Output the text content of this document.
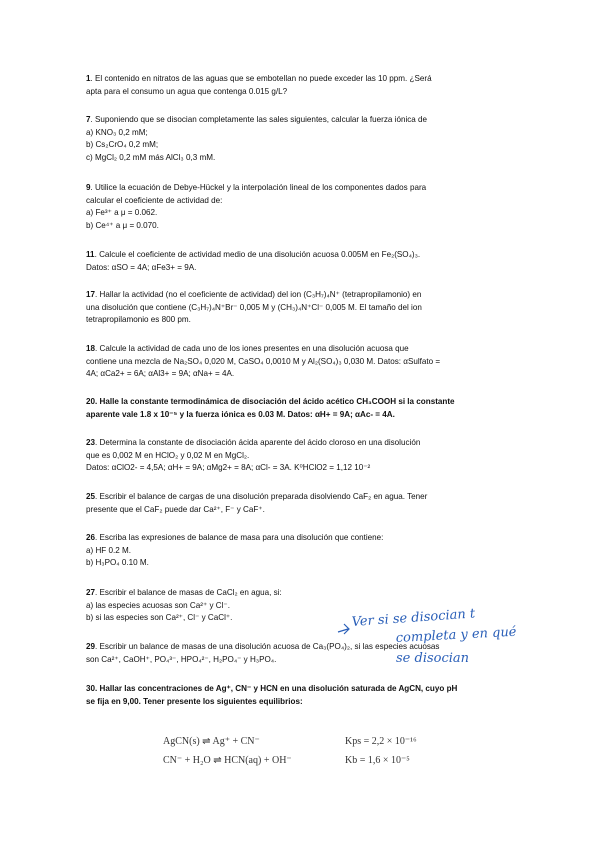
1. El contenido en nitratos de las aguas que se embotellan no puede exceder las 10 ppm. ¿Será
apta para el consumo un agua que contenga 0.015 g/L?
7. Suponiendo que se disocian completamente las sales siguientes, calcular la fuerza iónica de
a) KNO₃ 0,2 mM;
b) Cs₂CrO₄ 0,2 mM;
c) MgCl₂ 0,2 mM más AlCl₃ 0,3 mM.
9. Utilice la ecuación de Debye-Hückel y la interpolación lineal de los componentes dados para
calcular el coeficiente de actividad de:
a) Fe³⁺ a μ = 0.062.
b) Ce⁴⁺ a μ = 0.070.
11. Calcule el coeficiente de actividad medio de una disolución acuosa 0.005M en Fe₂(SO₄)₃.
Datos: αSO = 4A; αFe3+ = 9A.
17. Hallar la actividad (no el coeficiente de actividad) del ion (C₃H₇)₄N⁺ (tetrapropilamonio) en
una disolución que contiene (C₃H₇)₄N⁺Br⁻ 0,005 M y (CH₃)₄N⁺Cl⁻ 0,005 M. El tamaño del ion
tetrapropilamonio es 800 pm.
18. Calcule la actividad de cada uno de los iones presentes en una disolución acuosa que
contiene una mezcla de Na₂SO₄ 0,020 M, CaSO₄ 0,0010 M y Al₂(SO₄)₃ 0,030 M. Datos: αSulfato =
4A; αCa2+ = 6A; αAl3+ = 9A; αNa+ = 4A.
20. Halle la constante termodinámica de disociación del ácido acético CH₃COOH si la constante
aparente vale 1.8 x 10⁻⁵ y la fuerza iónica es 0.03 M. Datos: αH+ = 9A; αAc- = 4A.
23. Determina la constante de disociación ácida aparente del ácido cloroso en una disolución
que es 0,002 M en HClO₂ y 0,02 M en MgCl₂.
Datos: αClO2- = 4,5A; αH+ = 9A; αMg2+ = 8A; αCl- = 3A. K⁰HClO2 = 1,12 10⁻²
25. Escribir el balance de cargas de una disolución preparada disolviendo CaF₂ en agua. Tener
presente que el CaF₂ puede dar Ca²⁺, F⁻ y CaF⁺.
26. Escriba las expresiones de balance de masa para una disolución que contiene:
a) HF 0.2 M.
b) H₃PO₄ 0.10 M.
27. Escribir el balance de masas de CaCl₂ en agua, si:
a) las especies acuosas son Ca²⁺ y Cl⁻.
b) si las especies son Ca²⁺, Cl⁻ y CaCl⁺.	Ver si se disocian t
completa y en qué
se disocian
29. Escribir un balance de masas de una disolución acuosa de Ca₃(PO₄)₂, si las especies acuosas
son Ca²⁺, CaOH⁺, PO₄³⁻, HPO₄²⁻, H₂PO₄⁻ y H₃PO₄.
30. Hallar las concentraciones de Ag⁺, CN⁻ y HCN en una disolución saturada de AgCN, cuyo pH
se fija en 9,00. Tener presente los siguientes equilibrios:
AgCN(s) ⇌ Ag⁺ + CN⁻	Kps = 2,2 × 10⁻¹⁶
CN⁻ + H₂O ⇌ HCN(aq) + OH⁻	Kb = 1,6 × 10⁻⁵
